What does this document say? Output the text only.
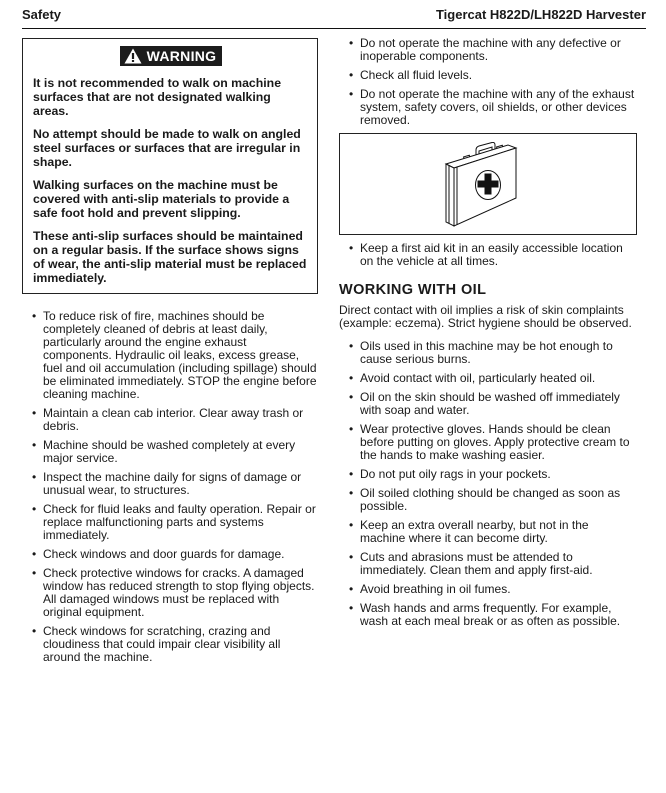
Safety	Tigercat H822D/LH822D Harvester
WARNING

It is not recommended to walk on machine surfaces that are not designated walking areas.

No attempt should be made to walk on angled steel surfaces or surfaces that are irregular in shape.

Walking surfaces on the machine must be covered with anti-slip materials to provide a safe foot hold and prevent slipping.

These anti-slip surfaces should be maintained on a regular basis. If the surface shows signs of wear, the anti-slip material must be replaced immediately.

• To reduce risk of fire, machines should be completely cleaned of debris at least daily, particularly around the engine exhaust components. Hydraulic oil leaks, excess grease, fuel and oil accumulation (including spillage) should be eliminated immediately. STOP the engine before cleaning machine.
• Maintain a clean cab interior. Clear away trash or debris.
• Machine should be washed completely at every major service.
• Inspect the machine daily for signs of damage or unusual wear, to structures.
• Check for fluid leaks and faulty operation. Repair or replace malfunctioning parts and systems immediately.
• Check windows and door guards for damage.
• Check protective windows for cracks. A damaged window has reduced strength to stop flying objects. All damaged windows must be replaced with original equipment.
• Check windows for scratching, crazing and cloudiness that could impair clear visibility all around the machine.
• Do not operate the machine with any defective or inoperable components.
• Check all fluid levels.
• Do not operate the machine with any of the exhaust system, safety covers, oil shields, or other devices removed.
• Keep a first aid kit in an easily accessible location on the vehicle at all times.
WORKING WITH OIL

Direct contact with oil implies a risk of skin complaints (example: eczema). Strict hygiene should be observed.

• Oils used in this machine may be hot enough to cause serious burns.
• Avoid contact with oil, particularly heated oil.
• Oil on the skin should be washed off immediately with soap and water.
• Wear protective gloves. Hands should be clean before putting on gloves. Apply protective cream to the hands to make washing easier.
• Do not put oily rags in your pockets.
• Oil soiled clothing should be changed as soon as possible.
• Keep an extra overall nearby, but not in the machine where it can become dirty.
• Cuts and abrasions must be attended to immediately. Clean them and apply first-aid.
• Avoid breathing in oil fumes.
• Wash hands and arms frequently. For example, wash at each meal break or as often as possible.
